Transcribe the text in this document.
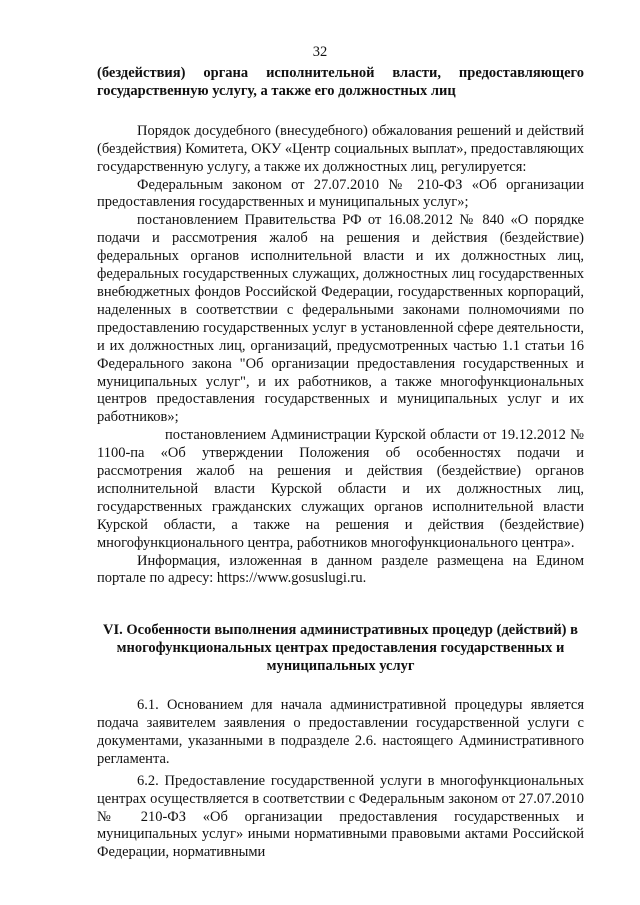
32
(бездействия) органа исполнительной власти, предоставляющего государственную услугу, а также его должностных лиц

Порядок досудебного (внесудебного) обжалования решений и действий (бездействия) Комитета, ОКУ «Центр социальных выплат», предоставляющих государственную услугу, а также их должностных лиц, регулируется:

Федеральным законом от 27.07.2010 № 210-ФЗ «Об организации предоставления государственных и муниципальных услуг»;

постановлением Правительства РФ от 16.08.2012 № 840 «О порядке подачи и рассмотрения жалоб на решения и действия (бездействие) федеральных органов исполнительной власти и их должностных лиц, федеральных государственных служащих, должностных лиц государственных внебюджетных фондов Российской Федерации, государственных корпораций, наделенных в соответствии с федеральными законами полномочиями по предоставлению государственных услуг в установленной сфере деятельности, и их должностных лиц, организаций, предусмотренных частью 1.1 статьи 16 Федерального закона "Об организации предоставления государственных и муниципальных услуг", и их работников, а также многофункциональных центров предоставления государственных и муниципальных услуг и их работников»;

постановлением Администрации Курской области от 19.12.2012 № 1100-па «Об утверждении Положения об особенностях подачи и рассмотрения жалоб на решения и действия (бездействие) органов исполнительной власти Курской области и их должностных лиц, государственных гражданских служащих органов исполнительной власти Курской области, а также на решения и действия (бездействие) многофункционального центра, работников многофункционального центра».

Информация, изложенная в данном разделе размещена на Едином портале по адресу: https://www.gosuslugi.ru.

VI. Особенности выполнения административных процедур (действий) в многофункциональных центрах предоставления государственных и муниципальных услуг

6.1. Основанием для начала административной процедуры является подача заявителем заявления о предоставлении государственной услуги с документами, указанными в подразделе 2.6. настоящего Административного регламента.

6.2. Предоставление государственной услуги в многофункциональных центрах осуществляется в соответствии с Федеральным законом от 27.07.2010 № 210-ФЗ «Об организации предоставления государственных и муниципальных услуг» иными нормативными правовыми актами Российской Федерации, нормативными
